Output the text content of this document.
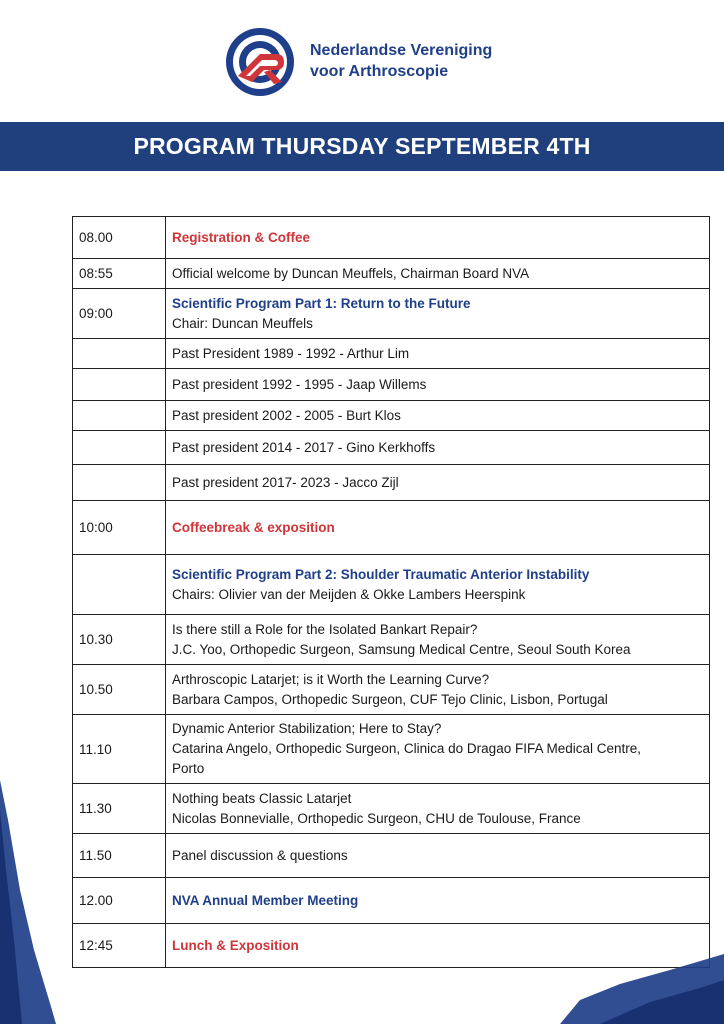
Nederlandse Vereniging
voor Arthroscopie
PROGRAM THURSDAY SEPTEMBER 4TH
08.00	Registration & Coffee

08:55	Official welcome by Duncan Meuffels, Chairman Board NVA

09:00	Scientific Program Part 1: Return to the Future
Chair: Duncan Meuffels

	Past President 1989 - 1992 - Arthur Lim

	Past president 1992 - 1995 - Jaap Willems

	Past president 2002 - 2005 - Burt Klos

	Past president 2014 - 2017 - Gino Kerkhoffs

	Past president 2017- 2023 - Jacco Zijl

10:00	Coffeebreak & exposition

	Scientific Program Part 2: Shoulder Traumatic Anterior Instability
Chairs: Olivier van der Meijden & Okke Lambers Heerspink

10.30	Is there still a Role for the Isolated Bankart Repair?
J.C. Yoo, Orthopedic Surgeon, Samsung Medical Centre, Seoul South Korea

10.50	Arthroscopic Latarjet; is it Worth the Learning Curve?
Barbara Campos, Orthopedic Surgeon, CUF Tejo Clinic, Lisbon, Portugal

11.10	Dynamic Anterior Stabilization; Here to Stay?
Catarina Angelo, Orthopedic Surgeon, Clinica do Dragao FIFA Medical Centre,
Porto

11.30	Nothing beats Classic Latarjet
Nicolas Bonnevialle, Orthopedic Surgeon, CHU de Toulouse, France

11.50	Panel discussion & questions

12.00	NVA Annual Member Meeting

12:45	Lunch & Exposition
